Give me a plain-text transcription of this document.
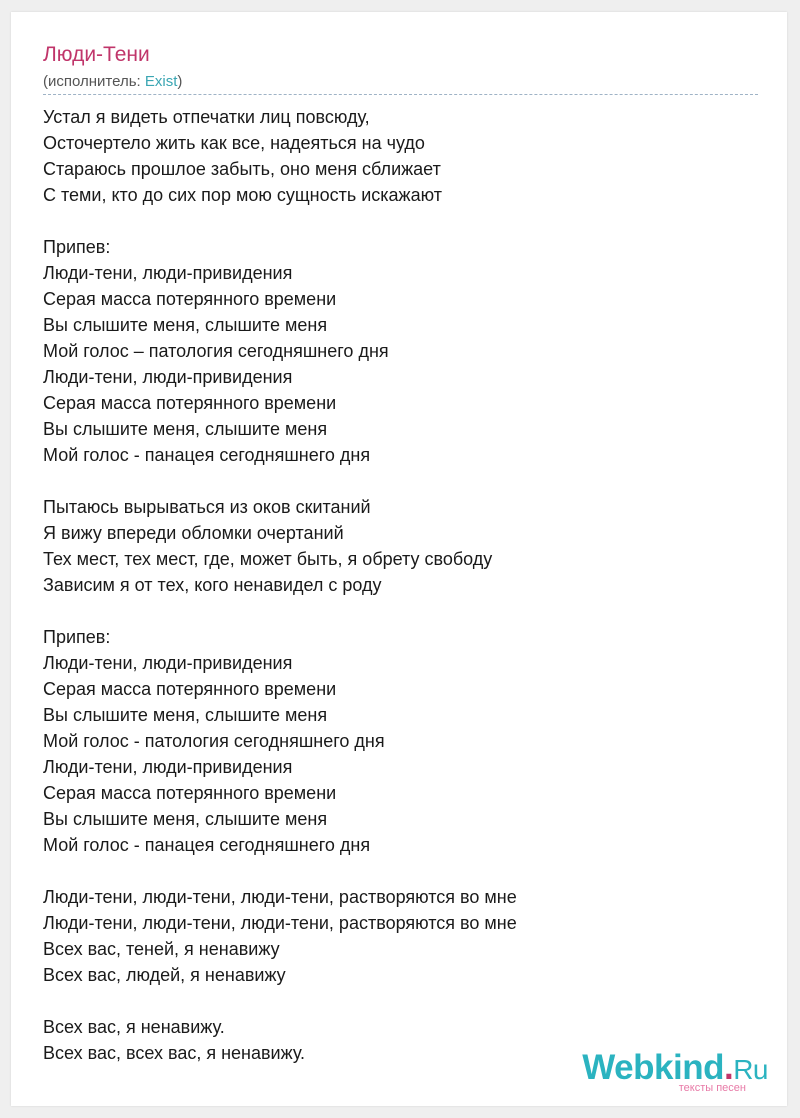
Люди-Тени
(исполнитель: Exist)
Устал я видеть отпечатки лиц повсюду,
Осточертело жить как все, надеяться на чудо
Стараюсь прошлое забыть, оно меня сближает
С теми, кто до сих пор мою сущность искажают
Припев:
Люди-тени, люди-привидения
Серая масса потерянного времени
Вы слышите меня, слышите меня
Мой голос – патология сегодняшнего дня
Люди-тени, люди-привидения
Серая масса потерянного времени
Вы слышите меня, слышите меня
Мой голос - панацея сегодняшнего дня
Пытаюсь вырываться из оков скитаний
Я вижу впереди обломки очертаний
Тех мест, тех мест, где, может быть, я обрету свободу
Зависим я от тех, кого ненавидел с роду
Припев:
Люди-тени, люди-привидения
Серая масса потерянного времени
Вы слышите меня, слышите меня
Мой голос - патология сегодняшнего дня
Люди-тени, люди-привидения
Серая масса потерянного времени
Вы слышите меня, слышите меня
Мой голос - панацея сегодняшнего дня
Люди-тени, люди-тени, люди-тени, растворяются во мне
Люди-тени, люди-тени, люди-тени, растворяются во мне
Всех вас, теней, я ненавижу
Всех вас, людей, я ненавижу
Всех вас, я ненавижу.
Всех вас, всех вас, я ненавижу.	Webkind.Ru
тексты песен
